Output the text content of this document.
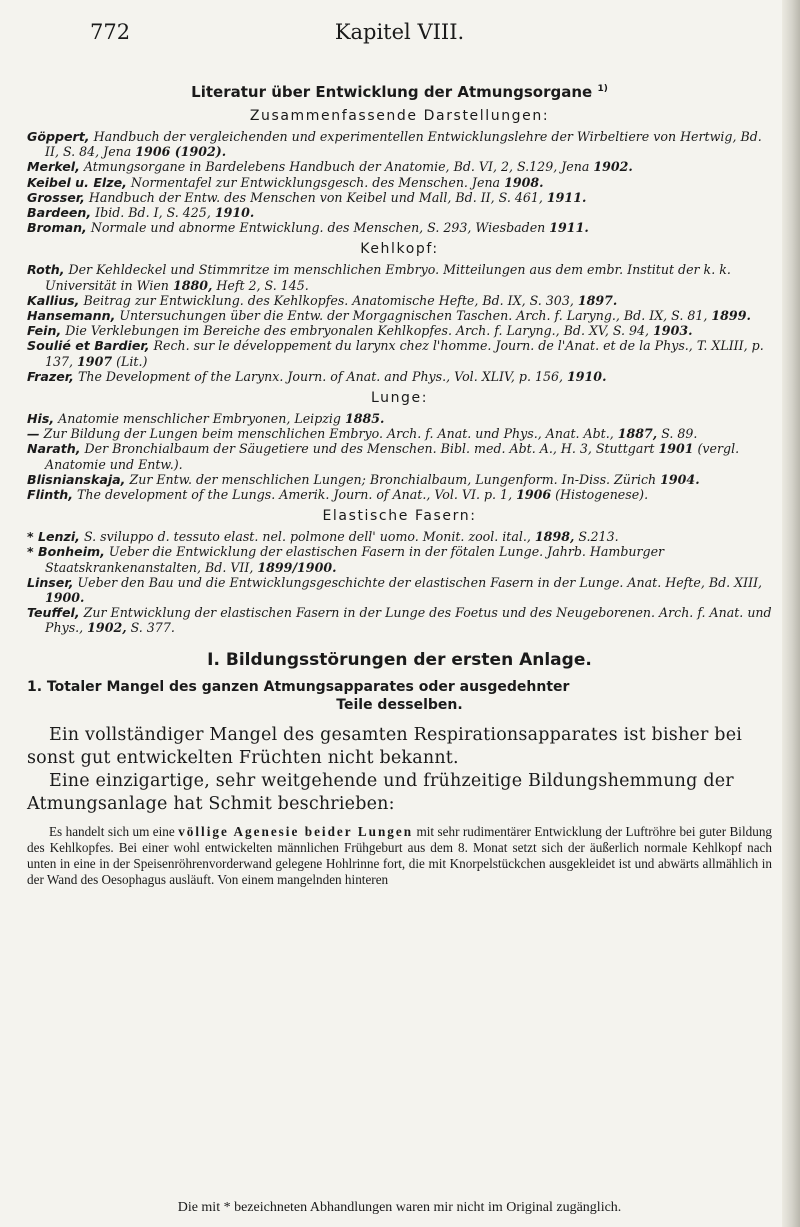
772	Kapitel VIII.
Literatur über Entwicklung der Atmungsorgane $^{1)}$
Zusammenfassende Darstellungen:
Göppert, Handbuch der vergleichenden und experimentellen Entwicklungslehre der Wirbeltiere von Hertwig, Bd. II, S. 84, Jena 1906 (1902).
Merkel, Atmungsorgane in Bardelebens Handbuch der Anatomie, Bd. VI, 2, S.129, Jena 1902.
Keibel u. Elze, Normentafel zur Entwicklungsgesch. des Menschen. Jena 1908.
Grosser, Handbuch der Entw. des Menschen von Keibel und Mall, Bd. II, S. 461, 1911.
Bardeen, Ibid. Bd. I, S. 425, 1910.
Broman, Normale und abnorme Entwicklung. des Menschen, S. 293, Wiesbaden 1911.
Kehlkopf:
Roth, Der Kehldeckel und Stimmritze im menschlichen Embryo. Mitteilungen aus dem embr. Institut der k. k. Universität in Wien 1880, Heft 2, S. 145.
Kallius, Beitrag zur Entwicklung. des Kehlkopfes. Anatomische Hefte, Bd. IX, S. 303, 1897.
Hansemann, Untersuchungen über die Entw. der Morgagnischen Taschen. Arch. f. Laryng., Bd. IX, S. 81, 1899.
Fein, Die Verklebungen im Bereiche des embryonalen Kehlkopfes. Arch. f. Laryng., Bd. XV, S. 94, 1903.
Soulié et Bardier, Rech. sur le développement du larynx chez l'homme. Journ. de l'Anat. et de la Phys., T. XLIII, p. 137, 1907 (Lit.)
Frazer, The Development of the Larynx. Journ. of Anat. and Phys., Vol. XLIV, p. 156, 1910.
Lunge:
His, Anatomie menschlicher Embryonen, Leipzig 1885.
— Zur Bildung der Lungen beim menschlichen Embryo. Arch. f. Anat. und Phys., Anat. Abt., 1887, S. 89.
Narath, Der Bronchialbaum der Säugetiere und des Menschen. Bibl. med. Abt. A., H. 3, Stuttgart 1901 (vergl. Anatomie und Entw.).
Blisnianskaja, Zur Entw. der menschlichen Lungen; Bronchialbaum, Lungenform. In-Diss. Zürich 1904.
Flinth, The development of the Lungs. Amerik. Journ. of Anat., Vol. VI. p. 1, 1906 (Histogenese).
Elastische Fasern:
* Lenzi, S. sviluppo d. tessuto elast. nel. polmone dell' uomo. Monit. zool. ital., 1898, S.213.
* Bonheim, Ueber die Entwicklung der elastischen Fasern in der fötalen Lunge. Jahrb. Hamburger Staatskrankenanstalten, Bd. VII, 1899/1900.
Linser, Ueber den Bau und die Entwicklungsgeschichte der elastischen Fasern in der Lunge. Anat. Hefte, Bd. XIII, 1900.
Teuffel, Zur Entwicklung der elastischen Fasern in der Lunge des Foetus und des Neugeborenen. Arch. f. Anat. und Phys., 1902, S. 377.
I. Bildungsstörungen der ersten Anlage.
1. Totaler Mangel des ganzen Atmungsapparates oder ausgedehnter
Teile desselben.

Ein vollständiger Mangel des gesamten Respirationsapparates ist bisher bei sonst gut entwickelten Früchten nicht bekannt.

Eine einzigartige, sehr weitgehende und frühzeitige Bildungshemmung der Atmungsanlage hat Schmit beschrieben:

Es handelt sich um eine völlige Agenesie beider Lungen mit sehr rudimentärer Entwicklung der Luftröhre bei guter Bildung des Kehlkopfes. Bei einer wohl entwickelten männlichen Frühgeburt aus dem 8. Monat setzt sich der äußerlich normale Kehlkopf nach unten in eine in der Speisenröhrenvorderwand gelegene Hohlrinne fort, die mit Knorpelstückchen ausgekleidet ist und abwärts allmählich in der Wand des Oesophagus ausläuft. Von einem mangelnden hinteren

Die mit * bezeichneten Abhandlungen waren mir nicht im Original zugänglich.
